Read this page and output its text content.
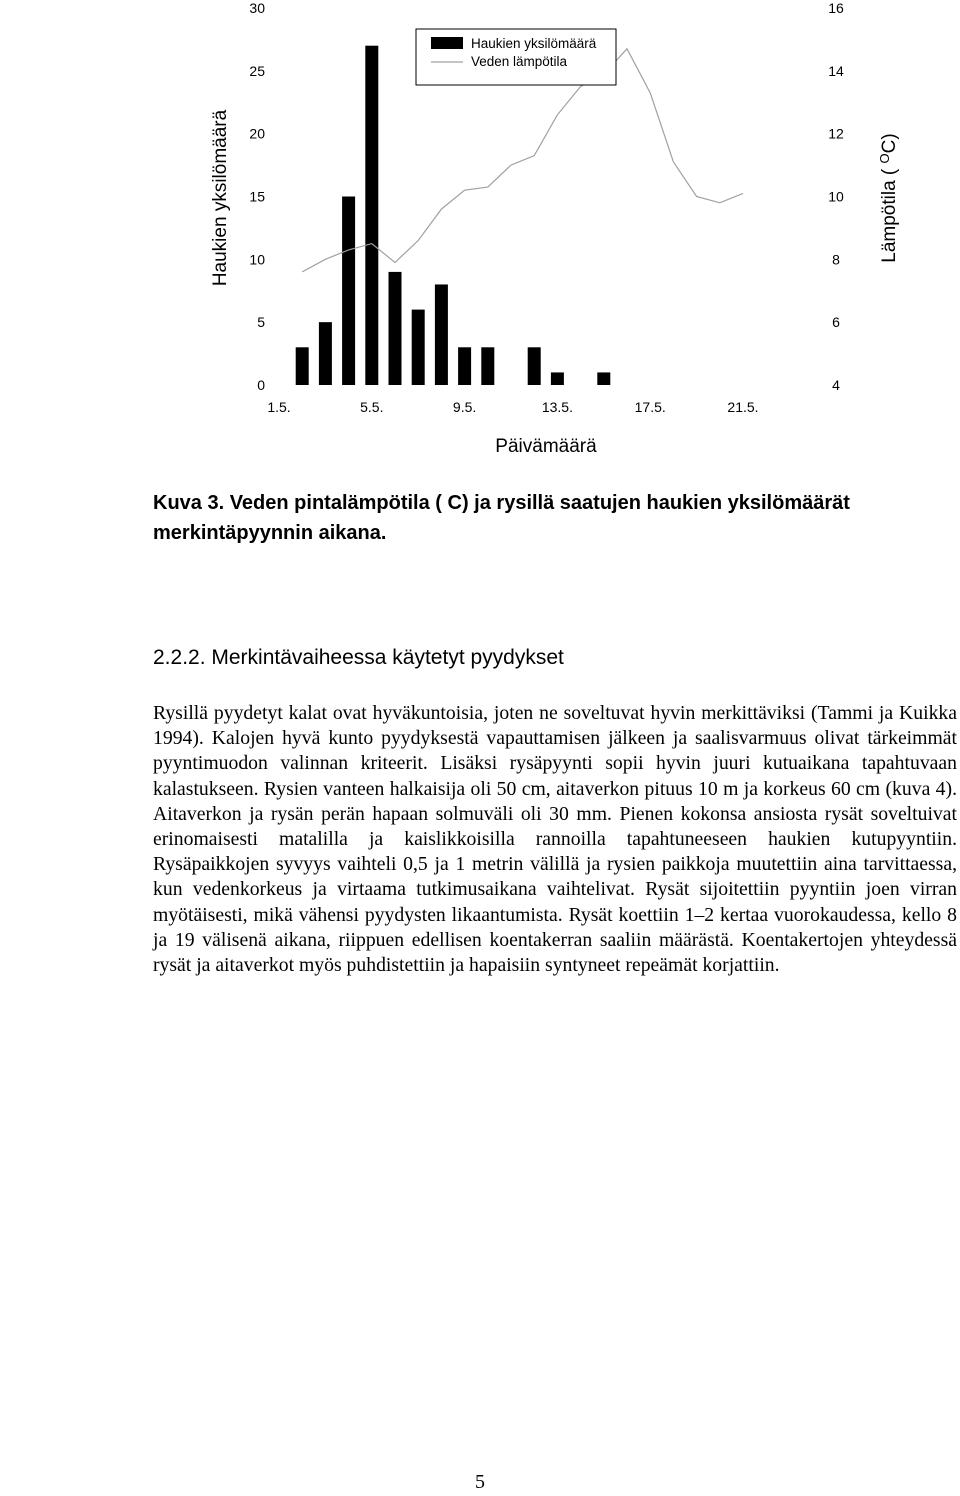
0
5
10
15
20
25
30
4
6
8
10
12
14
16
1.5.	5.5.	9.5.	13.5.	17.5.	21.5.
Haukien yksilömäärä	Lämpötila ( $^O$C)
Päivämäärä
Haukien yksilömäärä
Veden lämpötila

Kuva 3. Veden pintalämpötila ( C) ja rysillä saatujen haukien yksilömäärät merkintäpyynnin aikana.

2.2.2. Merkintävaiheessa käytetyt pyydykset

Rysillä pyydetyt kalat ovat hyväkuntoisia, joten ne soveltuvat hyvin merkittäviksi (Tammi ja Kuikka 1994). Kalojen hyvä kunto pyydyksestä vapauttamisen jälkeen ja saalisvarmuus olivat tärkeimmät pyyntimuodon valinnan kriteerit. Lisäksi rysäpyynti sopii hyvin juuri kutuaikana tapahtuvaan kalastukseen. Rysien vanteen halkaisija oli 50 cm, aitaverkon pituus 10 m ja korkeus 60 cm (kuva 4). Aitaverkon ja rysän perän hapaan solmuväli oli 30 mm. Pienen kokonsa ansiosta rysät soveltuivat erinomaisesti matalilla ja kaislikkoisilla rannoilla tapahtuneeseen haukien kutupyyntiin. Rysäpaikkojen syvyys vaihteli 0,5 ja 1 metrin välillä ja rysien paikkoja muutettiin aina tarvittaessa, kun vedenkorkeus ja virtaama tutkimusaikana vaihtelivat. Rysät sijoitettiin pyyntiin joen virran myötäisesti, mikä vähensi pyydysten likaantumista. Rysät koettiin 1–2 kertaa vuorokaudessa, kello 8 ja 19 välisenä aikana, riippuen edellisen koentakerran saaliin määrästä. Koentakertojen yhteydessä rysät ja aitaverkot myös puhdistettiin ja hapaisiin syntyneet repeämät korjattiin.

5
